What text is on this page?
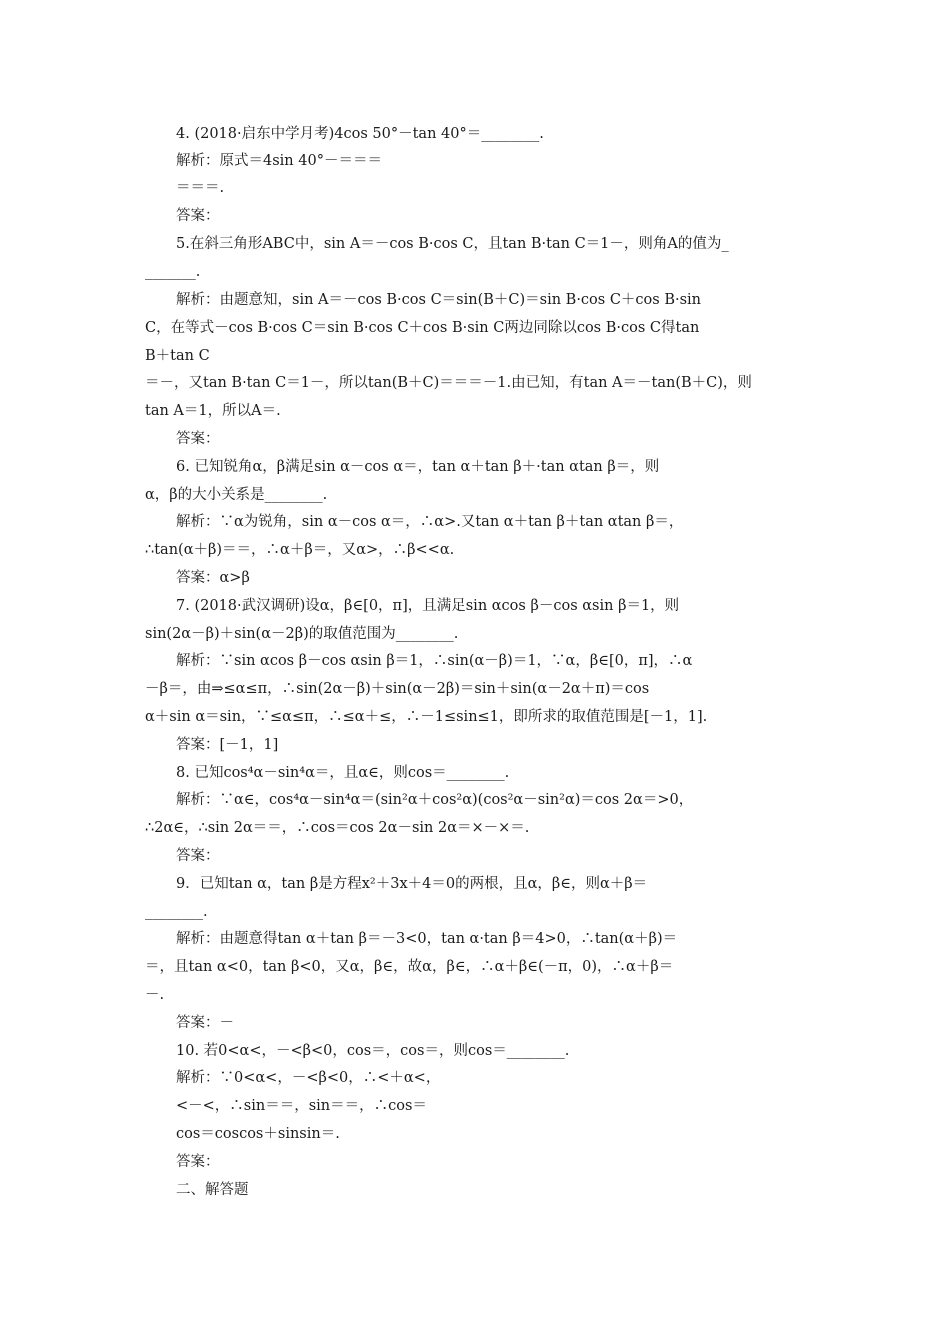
4. (2018·启东中学月考)4cos 50°－tan 40°＝________.
解析：原式＝4sin 40°－＝＝＝
＝＝＝.
答案：
5.在斜三角形ABC中，sin A＝－cos B·cos C，且tan B·tan C＝1－，则角A的值为_
_______.
解析：由题意知，sin A＝－cos B·cos C＝sin(B＋C)＝sin B·cos C＋cos B·sin
C，在等式－cos B·cos C＝sin B·cos C＋cos B·sin C两边同除以cos B·cos C得tan
B＋tan C
＝－，又tan B·tan C＝1－，所以tan(B＋C)＝＝＝－1.由已知，有tan A＝－tan(B＋C)，则
tan A＝1，所以A＝.
答案：
6. 已知锐角α，β满足sin α－cos α＝，tan α＋tan β＋·tan αtan β＝，则
α，β的大小关系是________.
解析：∵α为锐角，sin α－cos α＝，∴α>.又tan α＋tan β＋tan αtan β＝，
∴tan(α＋β)＝＝，∴α＋β＝，又α>，∴β<<α.
答案：α>β
7. (2018·武汉调研)设α，β∈[0，π]，且满足sin αcos β－cos αsin β＝1，则
sin(2α－β)＋sin(α－2β)的取值范围为________.
解析：∵sin αcos β－cos αsin β＝1，∴sin(α－β)＝1，∵α，β∈[0，π]，∴α
－β＝，由⇒≤α≤π，∴sin(2α－β)＋sin(α－2β)＝sin＋sin(α－2α＋π)＝cos
α＋sin α＝sin，∵≤α≤π，∴≤α＋≤，∴－1≤sin≤1，即所求的取值范围是[－1，1].
答案：[－1，1]
8. 已知cos⁴α－sin⁴α＝，且α∈，则cos＝________.
解析：∵α∈，cos⁴α－sin⁴α＝(sin²α＋cos²α)(cos²α－sin²α)＝cos 2α＝>0，
∴2α∈，∴sin 2α＝＝，∴cos＝cos 2α－sin 2α＝×－×＝.
答案：
9．已知tan α，tan β是方程x²＋3x＋4＝0的两根，且α，β∈，则α＋β＝
________.
解析：由题意得tan α＋tan β＝－3<0，tan α·tan β＝4>0，∴tan(α＋β)＝
＝，且tan α<0，tan β<0，又α，β∈，故α，β∈，∴α＋β∈(－π，0)，∴α＋β＝
－.
答案：－
10. 若0<α<，－<β<0，cos＝，cos＝，则cos＝________.
解析：∵0<α<，－<β<0，∴<＋α<，
<－<，∴sin＝＝，sin＝＝，∴cos＝
cos＝coscos＋sinsin＝.
答案：
二、解答题
